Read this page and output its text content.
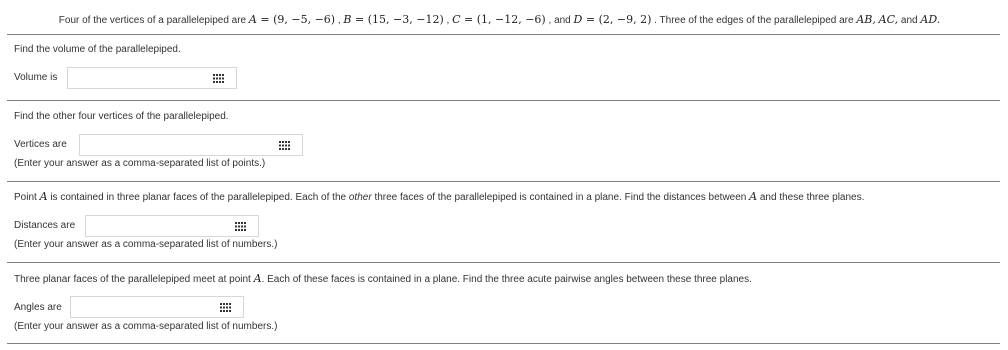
Four of the vertices of a parallelepiped are A = (9, −5, −6) , B = (15, −3, −12) , C = (1, −12, −6) , and D = (2, −9, 2) . Three of the edges of the parallelepiped are AB, AC, and AD.
Find the volume of the parallelepiped.
Volume is
Find the other four vertices of the parallelepiped.
Vertices are
(Enter your answer as a comma-separated list of points.)
Point A is contained in three planar faces of the parallelepiped. Each of the other three faces of the parallelepiped is contained in a plane. Find the distances between A and these three planes.
Distances are
(Enter your answer as a comma-separated list of numbers.)
Three planar faces of the parallelepiped meet at point A. Each of these faces is contained in a plane. Find the three acute pairwise angles between these three planes.
Angles are
(Enter your answer as a comma-separated list of numbers.)
